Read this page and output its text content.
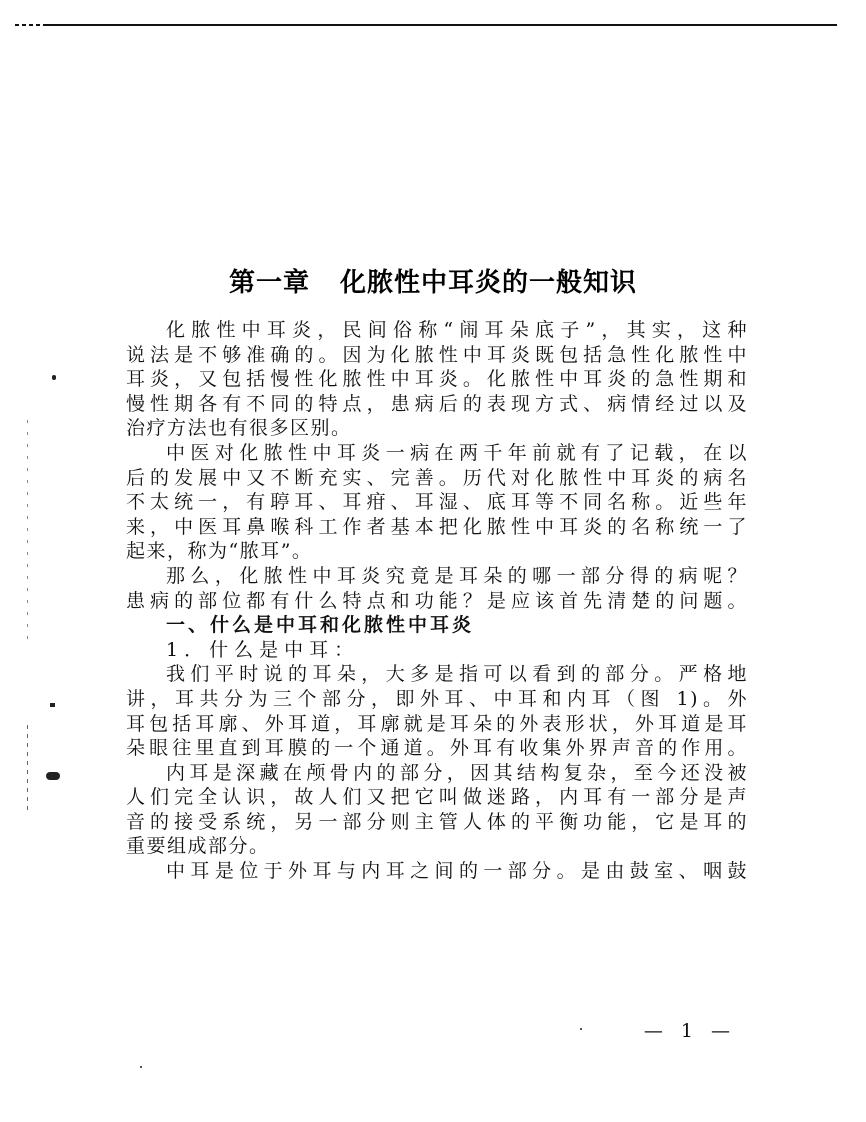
第一章 化脓性中耳炎的一般知识
化脓性中耳炎，民间俗称“闹耳朵底子”，其实，这种
说法是不够准确的。因为化脓性中耳炎既包括急性化脓性中
耳炎，又包括慢性化脓性中耳炎。化脓性中耳炎的急性期和
慢性期各有不同的特点，患病后的表现方式、病情经过以及
治疗方法也有很多区别。
中医对化脓性中耳炎一病在两千年前就有了记载，在以
后的发展中又不断充实、完善。历代对化脓性中耳炎的病名
不太统一，有聤耳、耳疳、耳湿、底耳等不同名称。近些年
来，中医耳鼻喉科工作者基本把化脓性中耳炎的名称统一了
起来，称为“脓耳”。
那么，化脓性中耳炎究竟是耳朵的哪一部分得的病呢？
患病的部位都有什么特点和功能？是应该首先清楚的问题。
一、什么是中耳和化脓性中耳炎
1．什么是中耳：
我们平时说的耳朵，大多是指可以看到的部分。严格地
讲，耳共分为三个部分，即外耳、中耳和内耳（图 1)。外
耳包括耳廓、外耳道，耳廓就是耳朵的外表形状，外耳道是耳
朵眼往里直到耳膜的一个通道。外耳有收集外界声音的作用。
内耳是深藏在颅骨内的部分，因其结构复杂，至今还没被
人们完全认识，故人们又把它叫做迷路，内耳有一部分是声
音的接受系统，另一部分则主管人体的平衡功能，它是耳的
重要组成部分。
中耳是位于外耳与内耳之间的一部分。是由鼓室、咽鼓
— 1 —
